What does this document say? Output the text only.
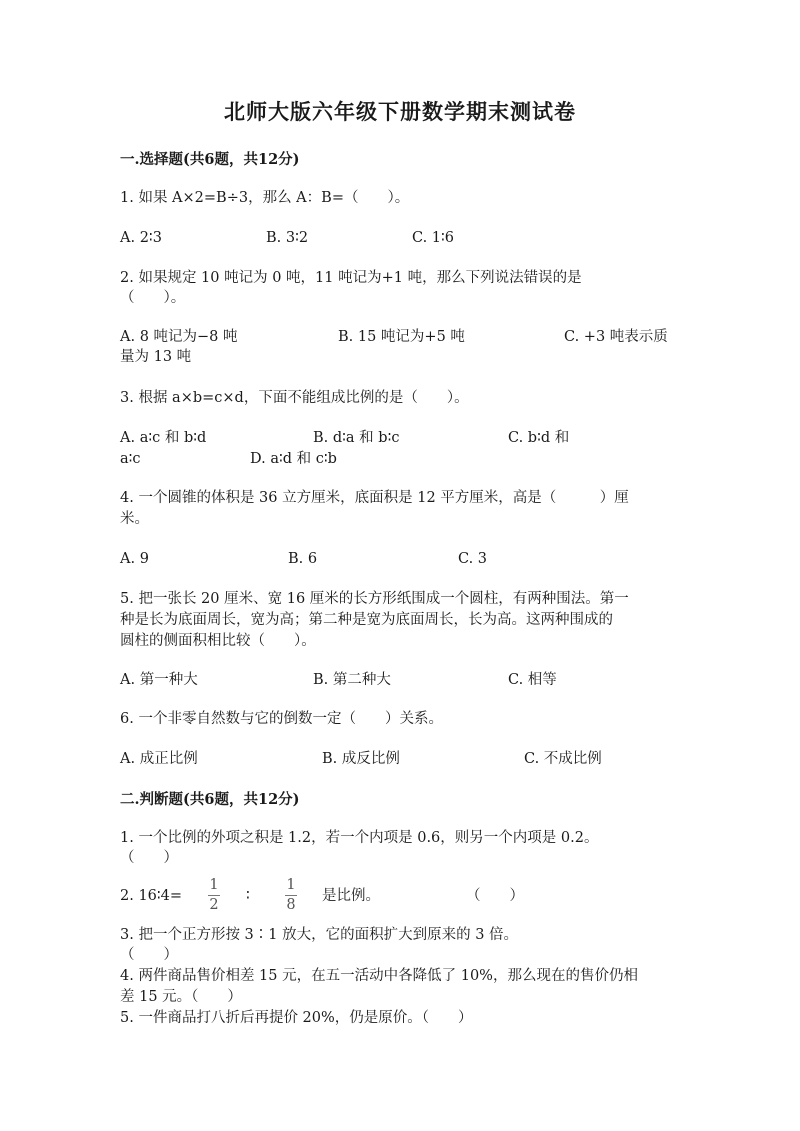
北师大版六年级下册数学期末测试卷
一.选择题(共6题，共12分)
1. 如果 A×2=B÷3，那么 A：B=（　　）。
A. 2∶3	B. 3∶2	C. 1∶6
2. 如果规定 10 吨记为 0 吨，11 吨记为+1 吨，那么下列说法错误的是
（　　）。
A. 8 吨记为−8 吨	B. 15 吨记为+5 吨	C. +3 吨表示质
量为 13 吨
3. 根据 a×b=c×d，下面不能组成比例的是（　　）。
A. a∶c 和 b∶d	B. d∶a 和 b∶c	C. b∶d 和
a∶c	D. a∶d 和 c∶b
4. 一个圆锥的体积是 36 立方厘米，底面积是 12 平方厘米，高是（　　　）厘
米。
A. 9	B. 6	C. 3
5. 把一张长 20 厘米、宽 16 厘米的长方形纸围成一个圆柱，有两种围法。第一
种是长为底面周长，宽为高；第二种是宽为底面周长，长为高。这两种围成的
圆柱的侧面积相比较（　　）。
A. 第一种大	B. 第二种大	C. 相等
6. 一个非零自然数与它的倒数一定（　　）关系。
A. 成正比例	B. 成反比例	C. 不成比例
二.判断题(共6题，共12分)
1. 一个比例的外项之积是 1.2，若一个内项是 0.6，则另一个内项是 0.2。
（　　）
2. 16∶4=
1
2
∶
1
8
是比例。	（　　）
3. 把一个正方形按 3∶1 放大，它的面积扩大到原来的 3 倍。
（　　）
4. 两件商品售价相差 15 元，在五一活动中各降低了 10%，那么现在的售价仍相
差 15 元。（　　）
5. 一件商品打八折后再提价 20%，仍是原价。（　　）
